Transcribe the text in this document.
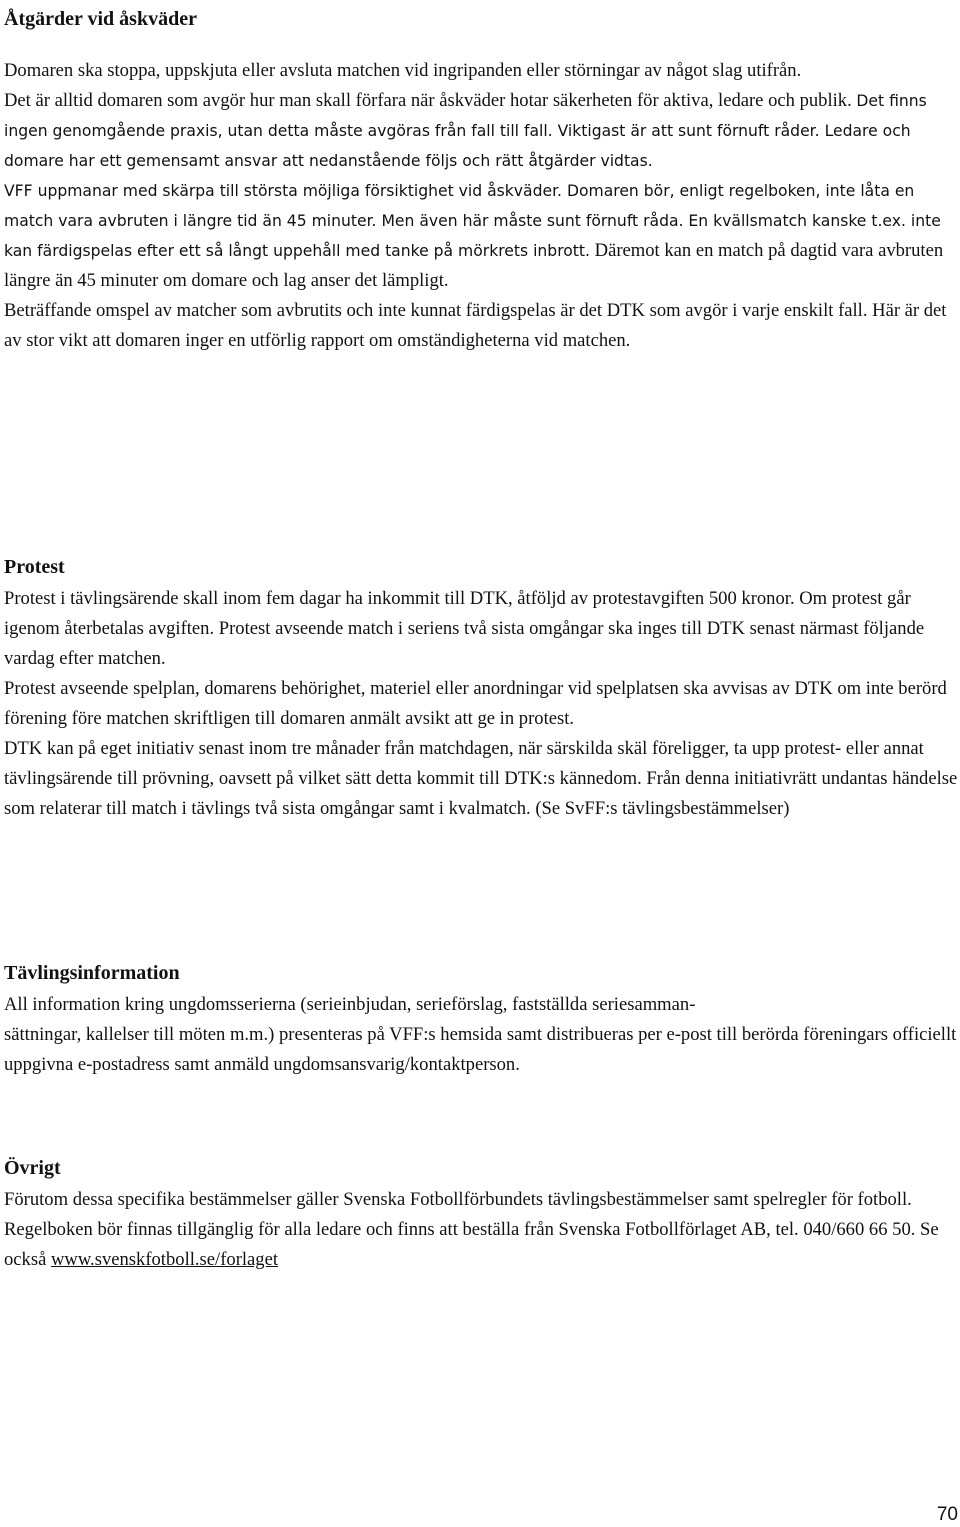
Åtgärder vid åskväder

Domaren ska stoppa, uppskjuta eller avsluta matchen vid ingripanden eller störningar av något slag utifrån.

Det är alltid domaren som avgör hur man skall förfara när åskväder hotar säkerheten för aktiva, ledare och publik. Det finns ingen genomgående praxis, utan detta måste avgöras från fall till fall. Viktigast är att sunt förnuft råder. Ledare och domare har ett gemensamt ansvar att nedanstående följs och rätt åtgärder vidtas.

VFF uppmanar med skärpa till största möjliga försiktighet vid åskväder. Domaren bör, enligt regelboken, inte låta en match vara avbruten i längre tid än 45 minuter. Men även här måste sunt förnuft råda. En kvällsmatch kanske t.ex. inte kan färdigspelas efter ett så långt uppehåll med tanke på mörkrets inbrott. Däremot kan en match på dagtid vara avbruten längre än 45 minuter om domare och lag anser det lämpligt.

Beträffande omspel av matcher som avbrutits och inte kunnat färdigspelas är det DTK som avgör i varje enskilt fall. Här är det av stor vikt att domaren inger en utförlig rapport om omständigheterna vid matchen.

Protest

Protest i tävlingsärende skall inom fem dagar ha inkommit till DTK, åtföljd av protestavgiften 500 kronor. Om protest går igenom återbetalas avgiften. Protest avseende match i seriens två sista omgångar ska inges till DTK senast närmast följande vardag efter matchen.

Protest avseende spelplan, domarens behörighet, materiel eller anordningar vid spelplatsen ska avvisas av DTK om inte berörd förening före matchen skriftligen till domaren anmält avsikt att ge in protest.

DTK kan på eget initiativ senast inom tre månader från matchdagen, när särskilda skäl föreligger, ta upp protest- eller annat tävlingsärende till prövning, oavsett på vilket sätt detta kommit till DTK:s kännedom. Från denna initiativrätt undantas händelse som relaterar till match i tävlings två sista omgångar samt i kvalmatch. (Se SvFF:s tävlingsbestämmelser)

Tävlingsinformation

All information kring ungdomsserierna (serieinbjudan, serieförslag, fastställda seriesamman-
sättningar, kallelser till möten m.m.) presenteras på VFF:s hemsida samt distribueras per e-post till berörda föreningars officiellt uppgivna e-postadress samt anmäld ungdomsansvarig/kontaktperson.

Övrigt

Förutom dessa specifika bestämmelser gäller Svenska Fotbollförbundets tävlingsbestämmelser samt spelregler för fotboll. Regelboken bör finnas tillgänglig för alla ledare och finns att beställa från Svenska Fotbollförlaget AB, tel. 040/660 66 50. Se också www.svenskfotboll.se/forlaget

70
